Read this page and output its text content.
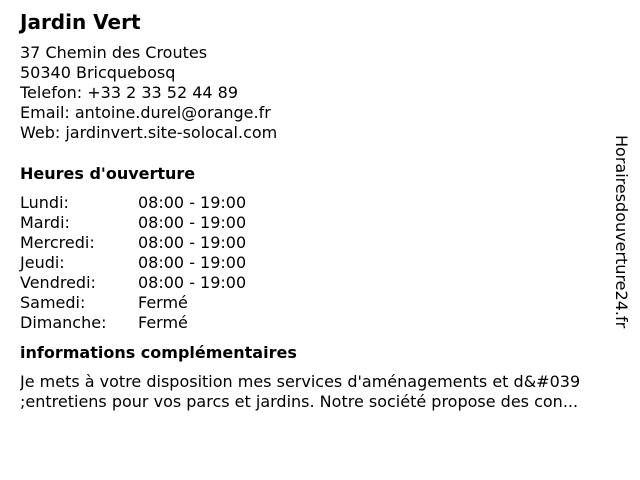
Jardin Vert
37 Chemin des Croutes
50340 Bricquebosq
Telefon: +33 2 33 52 44 89
Email: antoine.durel@orange.fr
Web: jardinvert.site-solocal.com
Heures d'ouverture
Lundi:	08:00 - 19:00
Mardi:	08:00 - 19:00
Mercredi:	08:00 - 19:00
Jeudi:	08:00 - 19:00
Vendredi:	08:00 - 19:00
Samedi:	Fermé
Dimanche:	Fermé
informations complémentaires
Je mets à votre disposition mes services d'aménagements et d&#039
;entretiens pour vos parcs et jardins. Notre société propose des con...
Horairesdouverture24.fr
